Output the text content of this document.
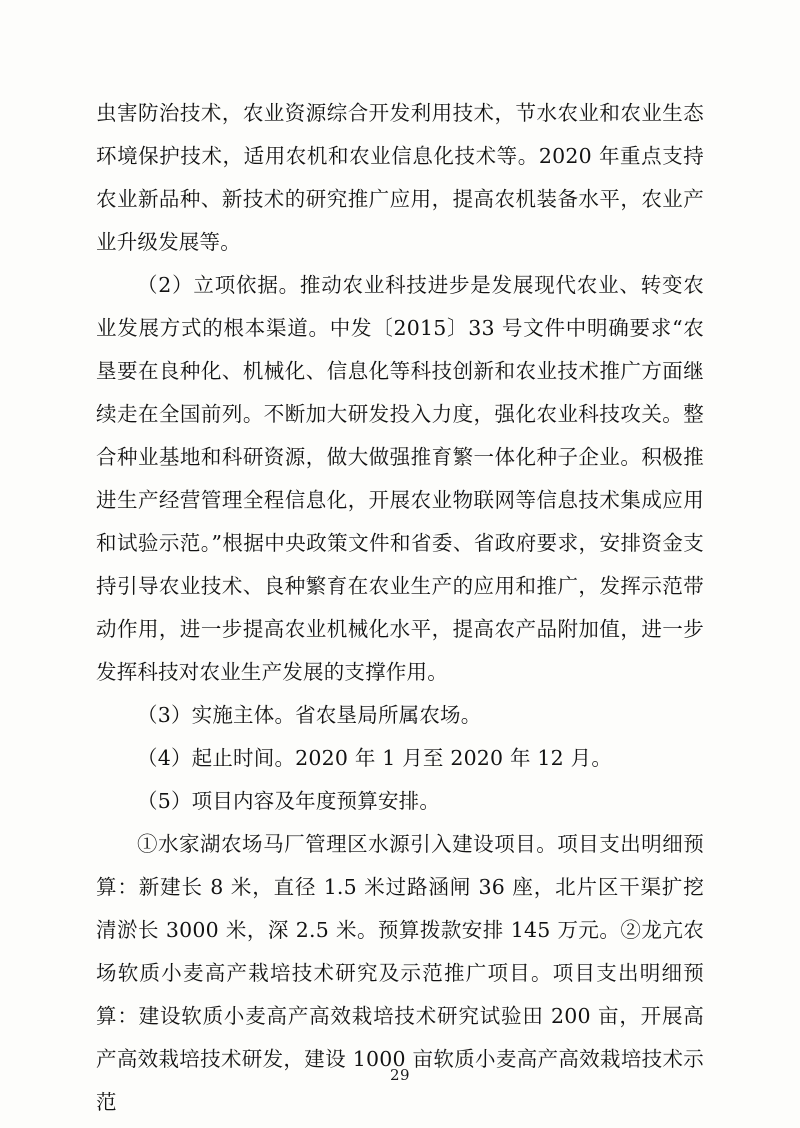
虫害防治技术，农业资源综合开发利用技术，节水农业和农业生态环境保护技术，适用农机和农业信息化技术等。2020 年重点支持农业新品种、新技术的研究推广应用，提高农机装备水平，农业产业升级发展等。

（2）立项依据。推动农业科技进步是发展现代农业、转变农业发展方式的根本渠道。中发〔2015〕33 号文件中明确要求“农垦要在良种化、机械化、信息化等科技创新和农业技术推广方面继续走在全国前列。不断加大研发投入力度，强化农业科技攻关。整合种业基地和科研资源，做大做强推育繁一体化种子企业。积极推进生产经营管理全程信息化，开展农业物联网等信息技术集成应用和试验示范。”根据中央政策文件和省委、省政府要求，安排资金支持引导农业技术、良种繁育在农业生产的应用和推广，发挥示范带动作用，进一步提高农业机械化水平，提高农产品附加值，进一步发挥科技对农业生产发展的支撑作用。

（3）实施主体。省农垦局所属农场。

（4）起止时间。2020 年 1 月至 2020 年 12 月。

（5）项目内容及年度预算安排。

①水家湖农场马厂管理区水源引入建设项目。项目支出明细预算：新建长 8 米，直径 1.5 米过路涵闸 36 座，北片区干渠扩挖清淤长 3000 米，深 2.5 米。预算拨款安排 145 万元。②龙亢农场软质小麦高产栽培技术研究及示范推广项目。项目支出明细预算：建设软质小麦高产高效栽培技术研究试验田 200 亩，开展高产高效栽培技术研发，建设 1000 亩软质小麦高产高效栽培技术示范

29
